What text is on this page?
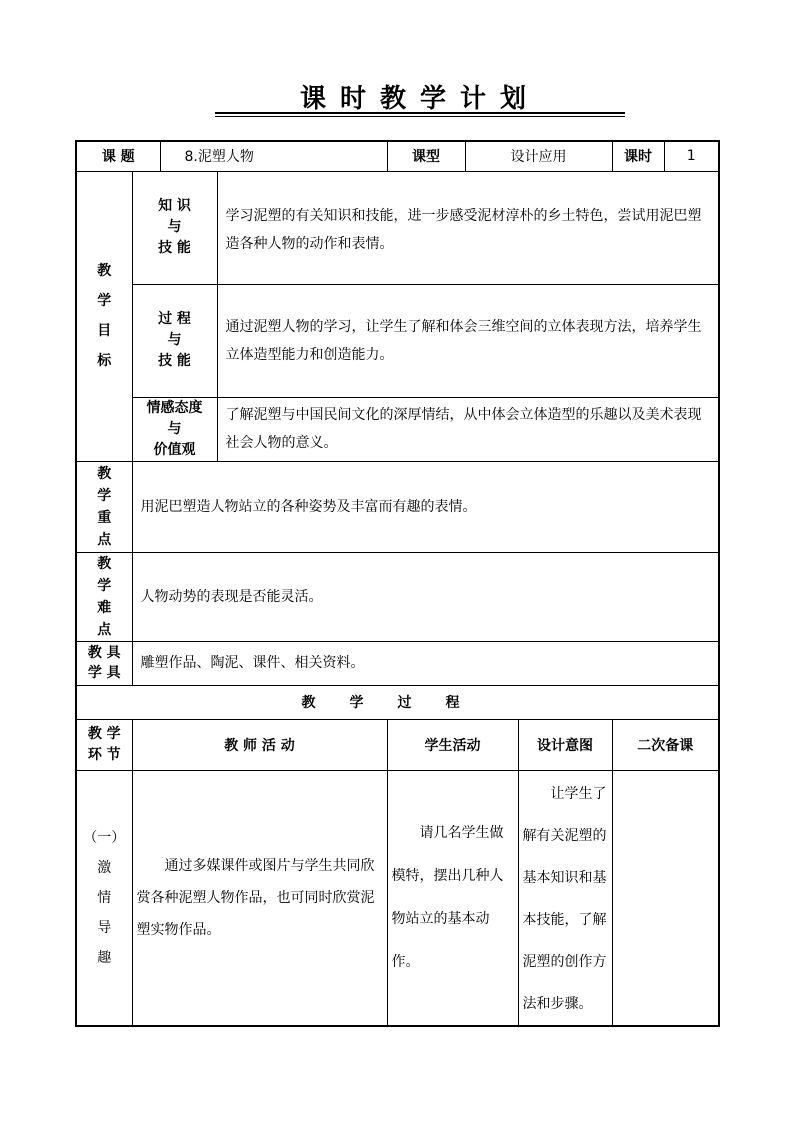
课时教学计划
课 题		8.泥塑人物		课型	设计应用		课时	1

教
学
目
标	知 识
与
技 能		学习泥塑的有关知识和技能，进一步感受泥材淳朴的乡土特色，尝试用泥巴塑造各种人物的动作和表情。					

	过 程
与
技 能		通过泥塑人物的学习，让学生了解和体会三维空间的立体表现方法，培养学生立体造型能力和创造能力。					

	情感态度
与
价值观		了解泥塑与中国民间文化的深厚情结，从中体会立体造型的乐趣以及美术表现社会人物的意义。					

教
学
重
点	用泥巴塑造人物站立的各种姿势及丰富而有趣的表情。							

教
学
难
点	人物动势的表现是否能灵活。							

教 具
学 具	雕塑作品、陶泥、课件、相关资料。							
教学过程								

教 学
环 节	教 师 活 动			学生活动		设计意图	二次备课	

（一）
激
情
导
趣	通过多媒课件或图片与学生共同欣赏各种泥塑人物作品，也可同时欣赏泥塑实物作品。			请几名学生做模特，摆出几种人物站立的基本动作。		让学生了解有关泥塑的基本知识和基本技能，了解泥塑的创作方法和步骤。		
